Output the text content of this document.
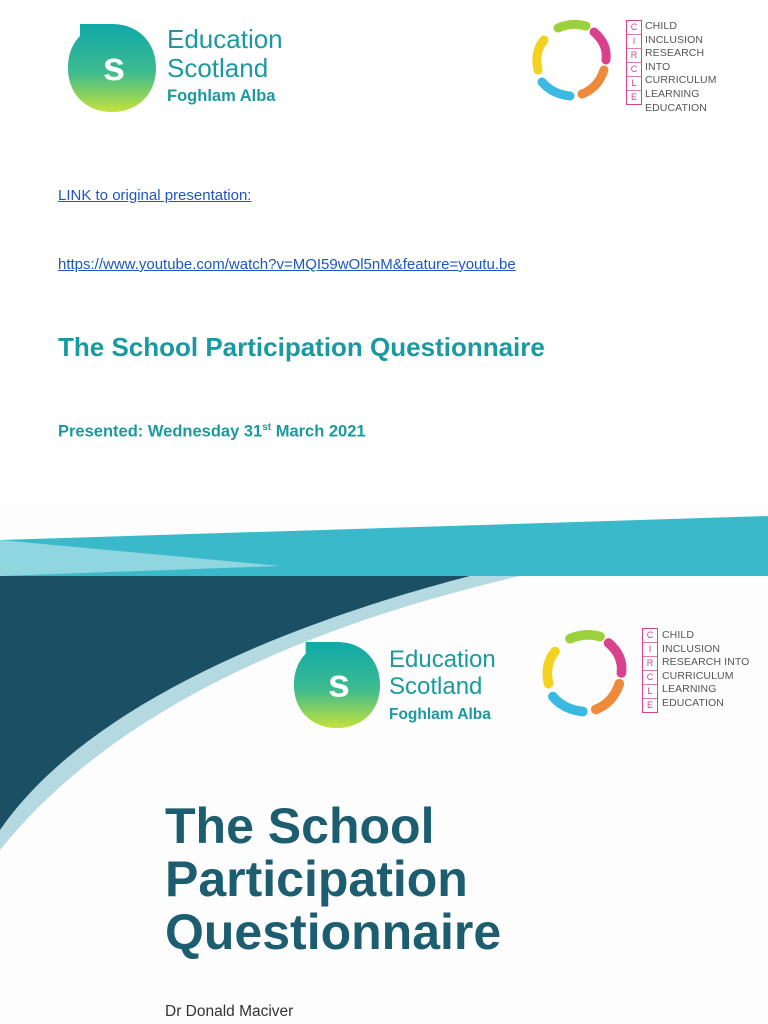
s
Education
Scotland
Foghlam Alba
C
I
R
C
L
E
CHILD
INCLUSION
RESEARCH INTO
CURRICULUM
LEARNING
EDUCATION
LINK to original presentation:
https://www.youtube.com/watch?v=MQI59wOl5nM&feature=youtu.be
The School Participation Questionnaire
Presented: Wednesday 31st March 2021
s
Education
Scotland
Foghlam Alba
C
I
R
C
L
E
CHILD
INCLUSION
RESEARCH INTO
CURRICULUM
LEARNING
EDUCATION
The School
Participation
Questionnaire
Dr Donald Maciver
